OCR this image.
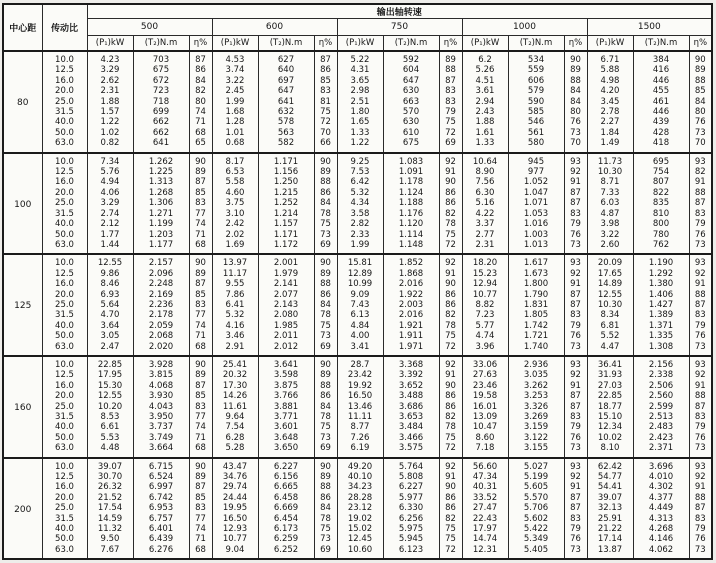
中心距	传动比	输出轴转速														
		500			600			750			1000			1500		
		(P₁)kW	(T₂)N.m	η%	(P₁)kW	(T₂)N.m	η%	(P₁)kW	(T₂)N.m	η%	(P₁)kW	(T₂)N.m	η%	(P₁)kW	(T₂)N.m	η%
80	10.0	4.23	703	87	4.53	627	87	5.22	592	89	6.2	534	90	6.71	384	90
	12.5	3.29	675	86	3.74	640	86	4.31	604	88	5.26	559	89	5.88	416	89
	16.0	2.62	672	84	3.22	697	85	3.65	647	87	4.51	606	88	4.98	446	88
	20.0	2.31	723	82	2.45	647	83	2.98	630	83	3.61	579	84	4.20	455	85
	25.0	1.88	718	80	1.99	641	81	2.51	663	83	2.94	590	84	3.45	461	84
	31.5	1.57	699	74	1.68	632	75	1.80	570	79	2.43	585	80	2.78	446	80
	40.0	1.22	662	71	1.28	578	72	1.65	630	75	1.88	546	76	2.27	439	76
	50.0	1.02	662	68	1.01	563	70	1.33	610	72	1.61	561	73	1.84	428	73
	63.0	0.82	641	65	0.68	582	66	1.22	675	69	1.33	580	70	1.49	418	70
100	10.0	7.34	1.262	90	8.17	1.171	90	9.25	1.083	92	10.64	945	93	11.73	695	93
	12.5	5.76	1.225	89	6.53	1.156	89	7.53	1.091	91	8.90	977	92	10.30	754	82
	16.0	4.94	1.313	87	5.58	1.250	88	6.42	1.178	90	7.56	1.052	91	8.71	807	91
	20.0	4.06	1.268	85	4.60	1.215	86	5.32	1.124	86	6.30	1.047	87	7.33	822	88
	25.0	3.29	1.306	83	3.75	1.252	84	4.34	1.188	86	5.16	1.071	87	6.03	835	87
	31.5	2.74	1.271	77	3.10	1.214	78	3.58	1.176	82	4.22	1.053	83	4.87	810	83
	40.0	2.12	1.199	74	2.42	1.157	75	2.82	1.120	78	3.37	1.016	79	3.98	800	79
	50.0	1.77	1.203	71	2.02	1.171	73	2.33	1.114	75	2.77	1.003	76	3.22	780	76
	63.0	1.44	1.177	68	1.69	1.172	69	1.99	1.148	72	2.31	1.013	73	2.60	762	73
125	10.0	12.55	2.157	90	13.97	2.001	90	15.81	1.852	92	18.20	1.617	93	20.09	1.190	93
	12.5	9.86	2.096	89	11.17	1.979	89	12.89	1.868	91	15.23	1.673	92	17.65	1.292	92
	16.0	8.46	2.248	87	9.55	2.141	88	10.99	2.016	90	12.94	1.800	91	14.89	1.380	91
	20.0	6.93	2.169	85	7.86	2.077	86	9.09	1.922	86	10.77	1.790	87	12.55	1.406	88
	25.0	5.64	2.236	83	6.41	2.143	84	7.43	2.003	86	8.82	1.831	87	10.30	1.427	87
	31.5	4.70	2.178	77	5.32	2.080	78	6.13	2.016	82	7.23	1.805	83	8.34	1.389	83
	40.0	3.64	2.059	74	4.16	1.985	75	4.84	1.921	78	5.77	1.742	79	6.81	1.371	79
	50.0	3.05	2.068	71	3.46	2.011	73	4.00	1.911	75	4.74	1.721	76	5.52	1.335	76
	63.0	2.47	2.020	68	2.91	2.012	69	3.41	1.971	72	3.96	1.740	73	4.47	1.308	73
160	10.0	22.85	3.928	90	25.41	3.641	90	28.7	3.368	92	33.06	2.936	93	36.41	2.156	93
	12.5	17.95	3.815	89	20.32	3.598	89	23.42	3.392	91	27.63	3.035	92	31.93	2.338	92
	16.0	15.30	4.068	87	17.30	3.875	88	19.92	3.652	90	23.46	3.262	91	27.03	2.506	91
	20.0	12.55	3.930	85	14.26	3.766	86	16.50	3.488	86	19.58	3.253	87	22.85	2.560	88
	25.0	10.20	4.043	83	11.61	3.881	84	13.46	3.686	86	16.01	3.326	87	18.77	2.599	87
	31.5	8.53	3.950	77	9.64	3.771	78	11.11	3.653	82	13.09	3.269	83	15.10	2.513	83
	40.0	6.61	3.737	74	7.54	3.601	75	8.77	3.484	78	10.47	3.159	79	12.34	2.483	79
	50.0	5.53	3.749	71	6.28	3.648	73	7.26	3.466	75	8.60	3.122	76	10.02	2.423	76
	63.0	4.48	3.664	68	5.28	3.650	69	6.19	3.575	72	7.18	3.155	73	8.10	2.371	73
200	10.0	39.07	6.715	90	43.47	6.227	90	49.20	5.764	92	56.60	5.027	93	62.42	3.696	93
	12.5	30.70	6.524	89	34.76	6.156	89	40.10	5.808	91	47.34	5.199	92	54.77	4.010	92
	16.0	26.32	6.997	87	29.74	6.665	88	34.23	6.227	90	40.31	5.605	91	54.41	4.302	91
	20.0	21.52	6.742	85	24.44	6.458	86	28.28	5.977	86	33.52	5.570	87	39.07	4.377	88
	25.0	17.54	6.953	83	19.95	6.669	84	23.12	6.330	86	27.47	5.706	87	32.13	4.449	87
	31.5	14.59	6.757	77	16.50	6.454	78	19.02	6.256	82	22.43	5.602	83	25.91	4.313	83
	40.0	11.32	6.401	74	12.93	6.173	75	15.02	5.975	75	17.97	5.422	79	21.22	4.268	79
	50.0	9.50	6.439	71	10.77	6.259	73	12.45	5.945	75	14.74	5.349	76	17.14	4.146	76
	63.0	7.67	6.276	68	9.04	6.252	69	10.60	6.123	72	12.31	5.405	73	13.87	4.062	73
